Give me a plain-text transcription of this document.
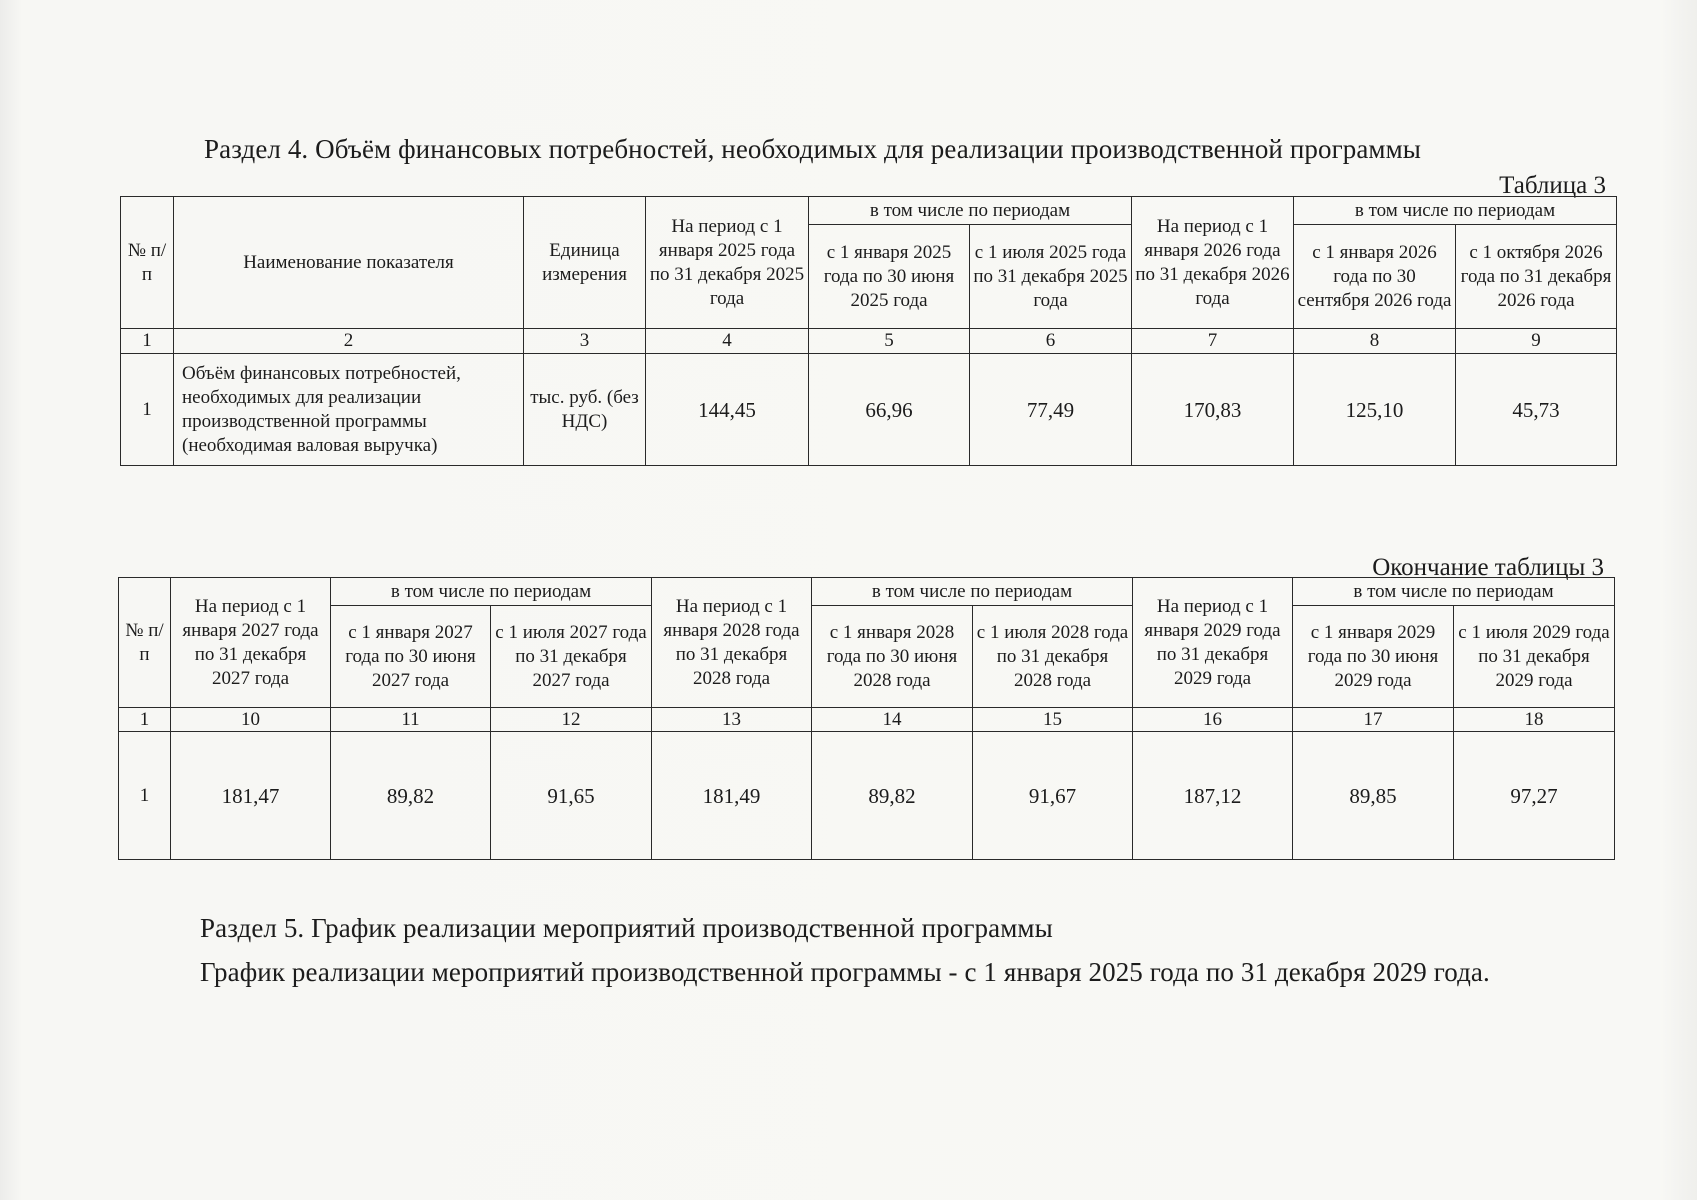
Раздел 4. Объём финансовых потребностей, необходимых для реализации производственной программы
Таблица 3
№ п/п	Наименование показателя	Единица измерения	На период с 1 января 2025 года по 31 декабря 2025 года	в том числе по периодам		На период с 1 января 2026 года по 31 декабря 2026 года	в том числе по периодам	
				с 1 января 2025 года по 30 июня 2025 года	с 1 июля 2025 года по 31 декабря 2025 года		с 1 января 2026 года по 30 сентября 2026 года	с 1 октября 2026 года по 31 декабря 2026 года
1	2	3	4	5	6	7	8	9
1	Объём финансовых потребностей, необходимых для реализации производственной программы (необходимая валовая выручка)	тыс. руб. (без НДС)	144,45	66,96	77,49	170,83	125,10	45,73
Окончание таблицы 3
№ п/п	На период с 1 января 2027 года по 31 декабря 2027 года	в том числе по периодам		На период с 1 января 2028 года по 31 декабря 2028 года	в том числе по периодам		На период с 1 января 2029 года по 31 декабря 2029 года	в том числе по периодам	
		с 1 января 2027 года по 30 июня 2027 года	с 1 июля 2027 года по 31 декабря 2027 года		с 1 января 2028 года по 30 июня 2028 года	с 1 июля 2028 года по 31 декабря 2028 года		с 1 января 2029 года по 30 июня 2029 года	с 1 июля 2029 года по 31 декабря 2029 года
1	10	11	12	13	14	15	16	17	18
1	181,47	89,82	91,65	181,49	89,82	91,67	187,12	89,85	97,27
Раздел 5. График реализации мероприятий производственной программы
График реализации мероприятий производственной программы - с 1 января 2025 года по 31 декабря 2029 года.
